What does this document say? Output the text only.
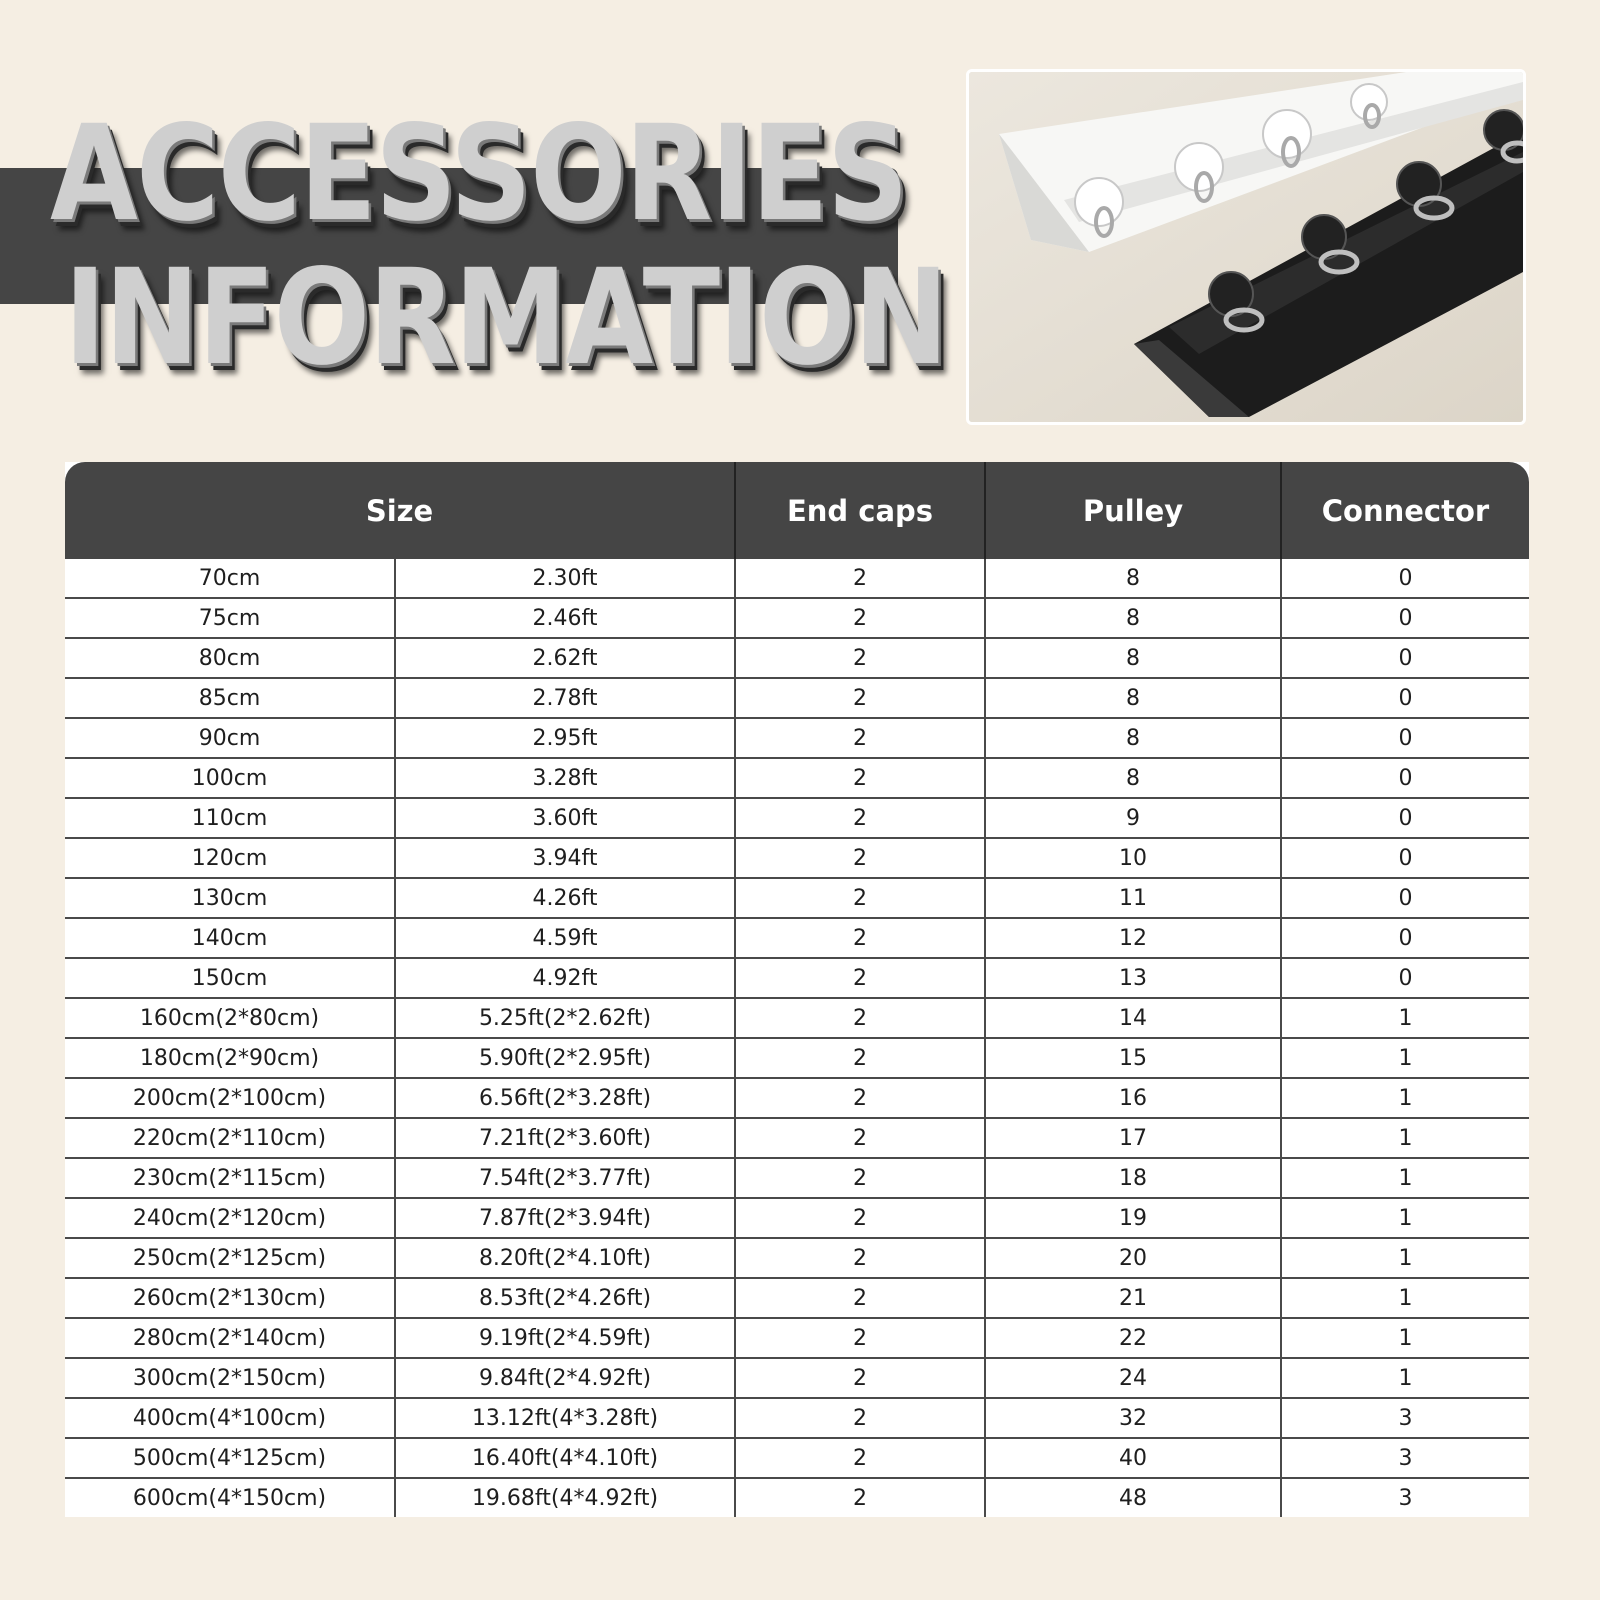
ACCESSORIES
INFORMATION
Size		End caps	Pulley	Connector
70cm	2.30ft	2	8	0
75cm	2.46ft	2	8	0
80cm	2.62ft	2	8	0
85cm	2.78ft	2	8	0
90cm	2.95ft	2	8	0
100cm	3.28ft	2	8	0
110cm	3.60ft	2	9	0
120cm	3.94ft	2	10	0
130cm	4.26ft	2	11	0
140cm	4.59ft	2	12	0
150cm	4.92ft	2	13	0
160cm(2*80cm)	5.25ft(2*2.62ft)	2	14	1
180cm(2*90cm)	5.90ft(2*2.95ft)	2	15	1
200cm(2*100cm)	6.56ft(2*3.28ft)	2	16	1
220cm(2*110cm)	7.21ft(2*3.60ft)	2	17	1
230cm(2*115cm)	7.54ft(2*3.77ft)	2	18	1
240cm(2*120cm)	7.87ft(2*3.94ft)	2	19	1
250cm(2*125cm)	8.20ft(2*4.10ft)	2	20	1
260cm(2*130cm)	8.53ft(2*4.26ft)	2	21	1
280cm(2*140cm)	9.19ft(2*4.59ft)	2	22	1
300cm(2*150cm)	9.84ft(2*4.92ft)	2	24	1
400cm(4*100cm)	13.12ft(4*3.28ft)	2	32	3
500cm(4*125cm)	16.40ft(4*4.10ft)	2	40	3
600cm(4*150cm)	19.68ft(4*4.92ft)	2	48	3
